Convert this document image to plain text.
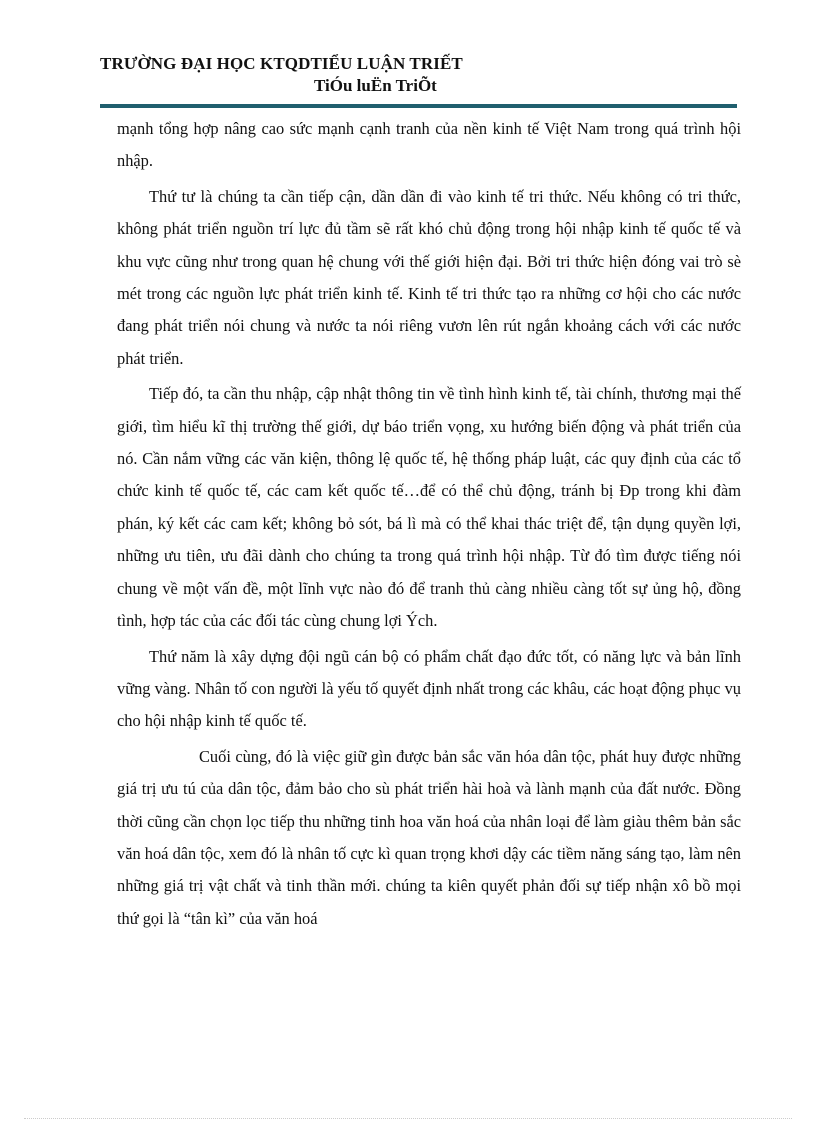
TRƯỜNG ĐẠI HỌC KTQDTIỂU LUẬN TRIẾT
TiÓu luËn TriÕt

mạnh tổng hợp nâng cao sức mạnh cạnh tranh của nền kinh tế Việt Nam trong quá trình hội nhập.

Thứ tư là chúng ta cần tiếp cận, dần dần đi vào kinh tế tri thức. Nếu không có tri thức, không phát triển nguồn trí lực đủ tầm sẽ rất khó chủ động trong hội nhập kinh tế quốc tế và khu vực cũng như trong quan hệ chung với thế giới hiện đại. Bởi tri thức hiện đóng vai trò sè mét trong các nguồn lực phát triển kinh tế. Kinh tế tri thức tạo ra những cơ hội cho các nước đang phát triển nói chung và nước ta nói riêng vươn lên rút ngắn khoảng cách với các nước phát triển.

Tiếp đó, ta cần thu nhập, cập nhật thông tin về tình hình kinh tế, tài chính, thương mại thế giới, tìm hiểu kĩ thị trường thế giới, dự báo triển vọng, xu hướng biến động và phát triển của nó. Cần nắm vững các văn kiện, thông lệ quốc tế, hệ thống pháp luật, các quy định của các tổ chức kinh tế quốc tế, các cam kết quốc tế…để có thể chủ động, tránh bị Ðp trong khi đàm phán, ký kết các cam kết; không bỏ sót, bá lì mà có thể khai thác triệt để, tận dụng quyền lợi, những ưu tiên, ưu đãi dành cho chúng ta trong quá trình hội nhập. Từ đó tìm được tiếng nói chung về một vấn đề, một lĩnh vực nào đó để tranh thủ càng nhiều càng tốt sự ủng hộ, đồng tình, hợp tác của các đối tác cùng chung lợi Ých.

Thứ năm là xây dựng đội ngũ cán bộ có phẩm chất đạo đức tốt, có năng lực và bản lĩnh vững vàng. Nhân tố con người là yếu tố quyết định nhất trong các khâu, các hoạt động phục vụ cho hội nhập kinh tế quốc tế.

Cuối cùng, đó là việc giữ gìn được bản sắc văn hóa dân tộc, phát huy được những giá trị ưu tú của dân tộc, đảm bảo cho sù phát triển hài hoà và lành mạnh của đất nước. Đồng thời cũng cần chọn lọc tiếp thu những tinh hoa văn hoá của nhân loại để làm giàu thêm bản sắc văn hoá dân tộc, xem đó là nhân tố cực kì quan trọng khơi dậy các tiềm năng sáng tạo, làm nên những giá trị vật chất và tinh thần mới. chúng ta kiên quyết phản đối sự tiếp nhận xô bồ mọi thứ gọi là “tân kì” của văn hoá
